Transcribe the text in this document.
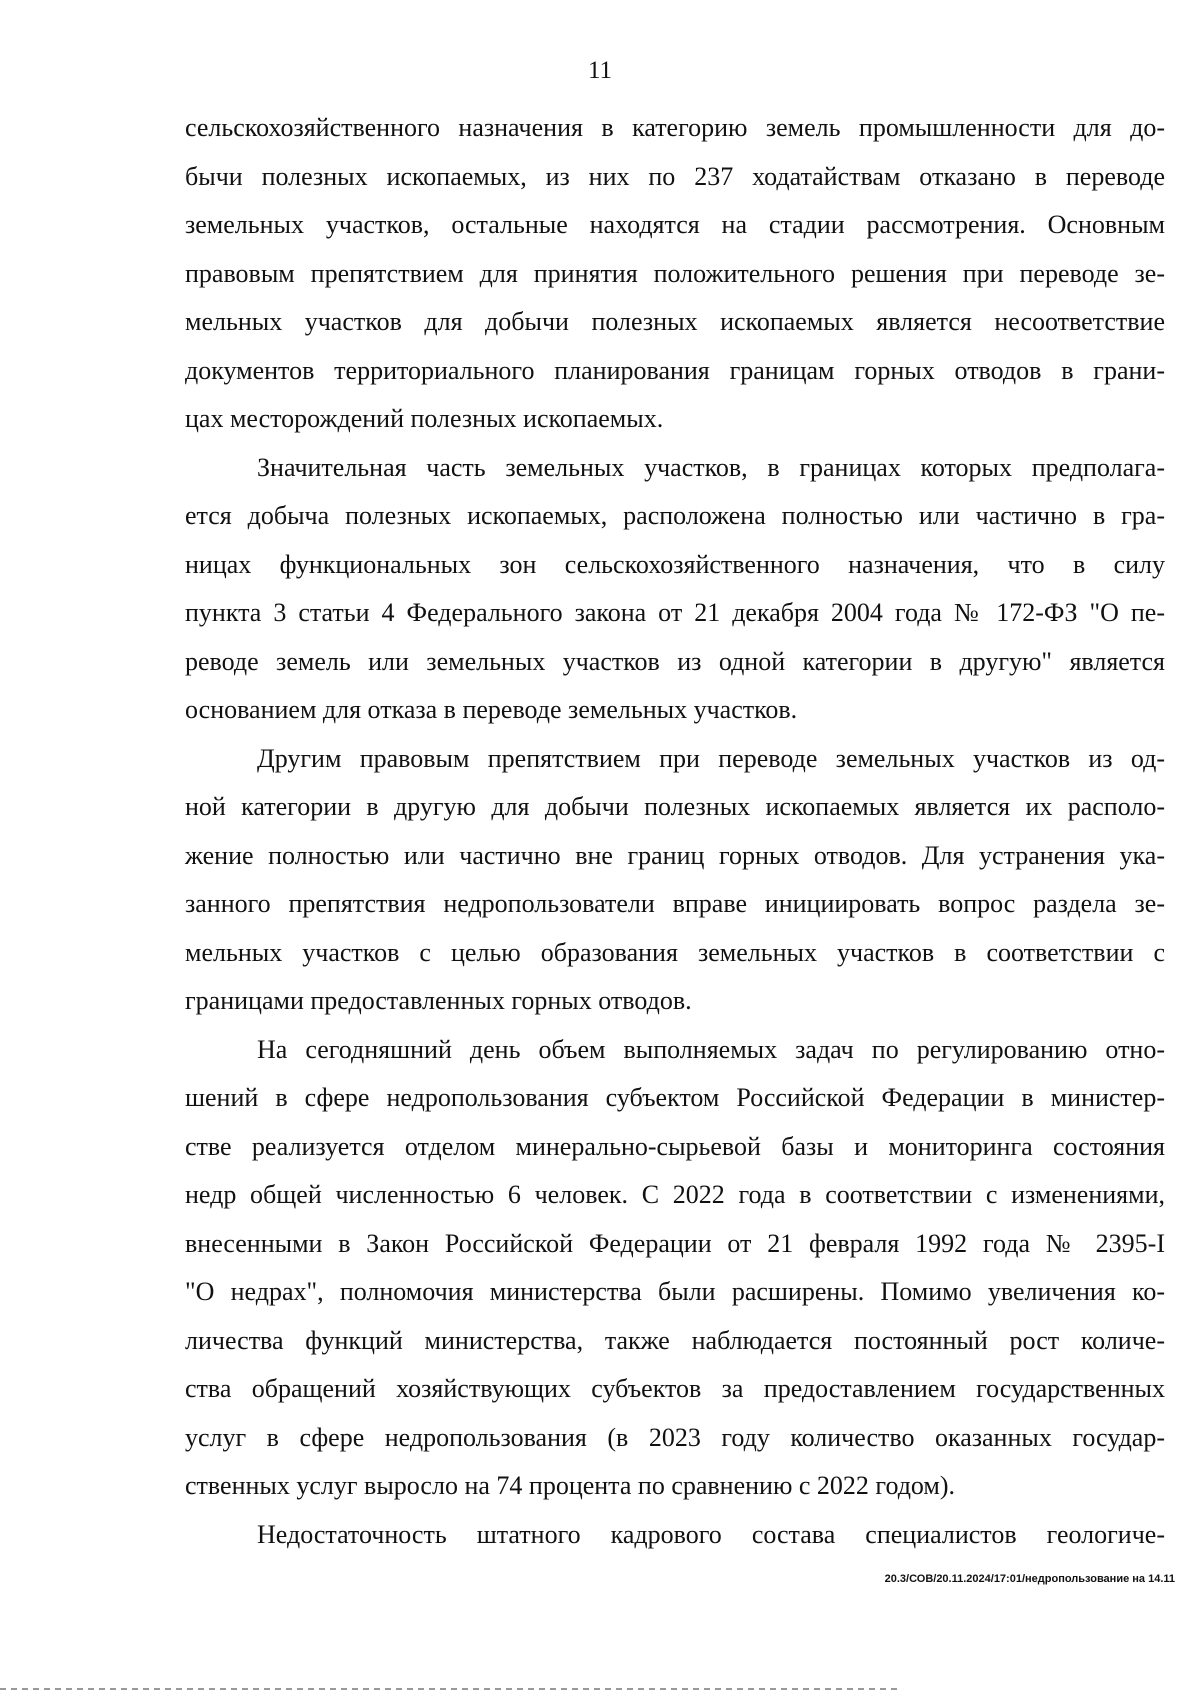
11
сельскохозяйственного назначения в категорию земель промышленности для до-
бычи полезных ископаемых, из них по 237 ходатайствам отказано в переводе
земельных участков, остальные находятся на стадии рассмотрения. Основным
правовым препятствием для принятия положительного решения при переводе зе-
мельных участков для добычи полезных ископаемых является несоответствие
документов территориального планирования границам горных отводов в грани-
цах месторождений полезных ископаемых.
Значительная часть земельных участков, в границах которых предполага-
ется добыча полезных ископаемых, расположена полностью или частично в гра-
ницах функциональных зон сельскохозяйственного назначения, что в силу
пункта 3 статьи 4 Федерального закона от 21 декабря 2004 года № 172-ФЗ "О пе-
реводе земель или земельных участков из одной категории в другую" является
основанием для отказа в переводе земельных участков.
Другим правовым препятствием при переводе земельных участков из од-
ной категории в другую для добычи полезных ископаемых является их располо-
жение полностью или частично вне границ горных отводов. Для устранения ука-
занного препятствия недропользователи вправе инициировать вопрос раздела зе-
мельных участков с целью образования земельных участков в соответствии с
границами предоставленных горных отводов.
На сегодняшний день объем выполняемых задач по регулированию отно-
шений в сфере недропользования субъектом Российской Федерации в министер-
стве реализуется отделом минерально-сырьевой базы и мониторинга состояния
недр общей численностью 6 человек. С 2022 года в соответствии с изменениями,
внесенными в Закон Российской Федерации от 21 февраля 1992 года № 2395-I
"О недрах", полномочия министерства были расширены. Помимо увеличения ко-
личества функций министерства, также наблюдается постоянный рост количе-
ства обращений хозяйствующих субъектов за предоставлением государственных
услуг в сфере недропользования (в 2023 году количество оказанных государ-
ственных услуг выросло на 74 процента по сравнению с 2022 годом).
Недостаточность штатного кадрового состава специалистов геологиче-
20.3/СОВ/20.11.2024/17:01/недропользование на 14.11
